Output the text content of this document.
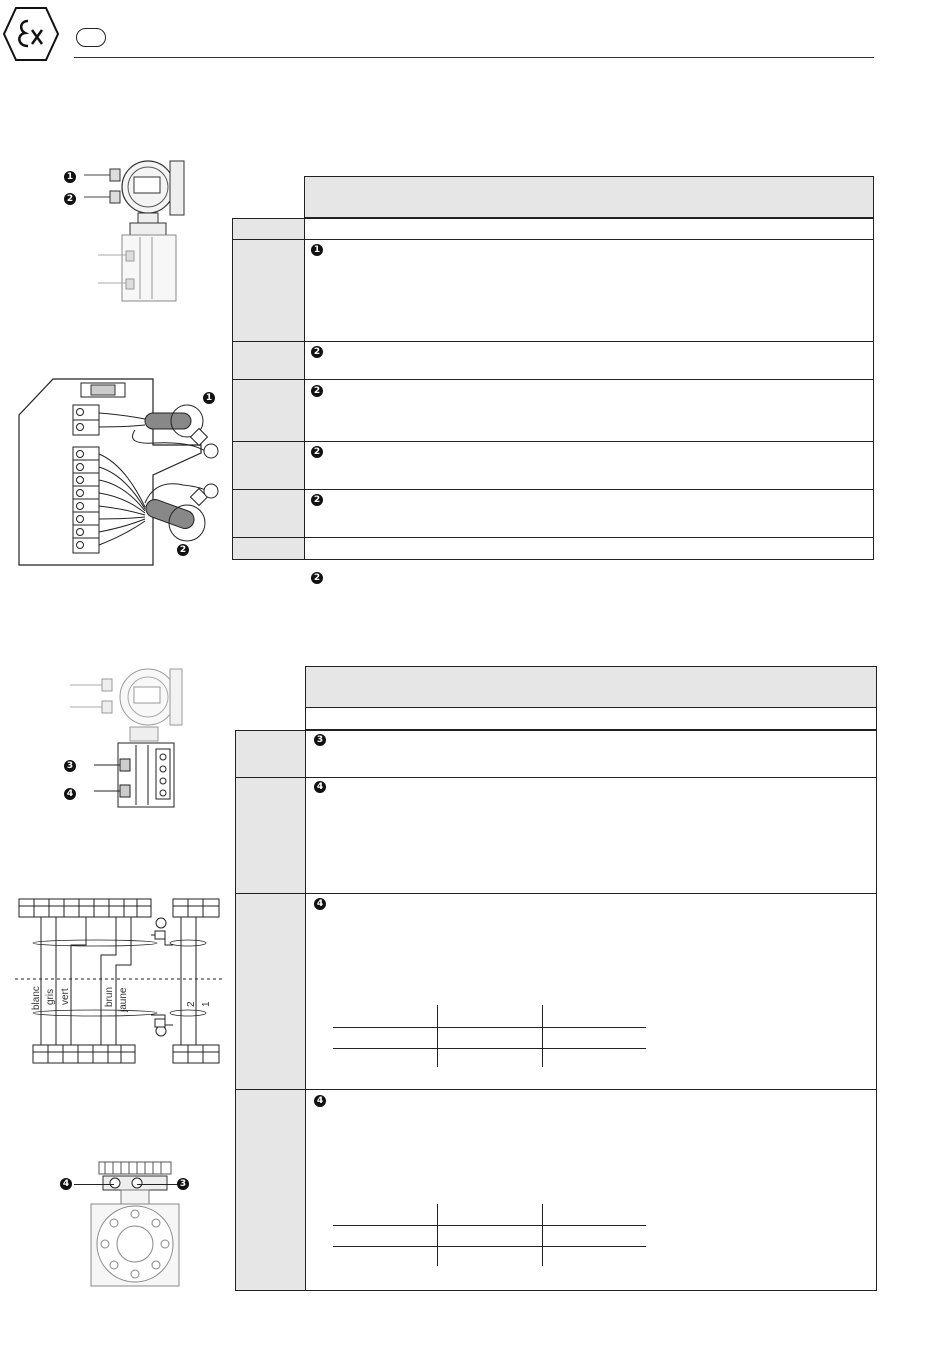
1
2
1
2
1
2
2
2
2
2
3
4
blanc gris vert	brun jaune	2 1
4	3
3
4
4
4
